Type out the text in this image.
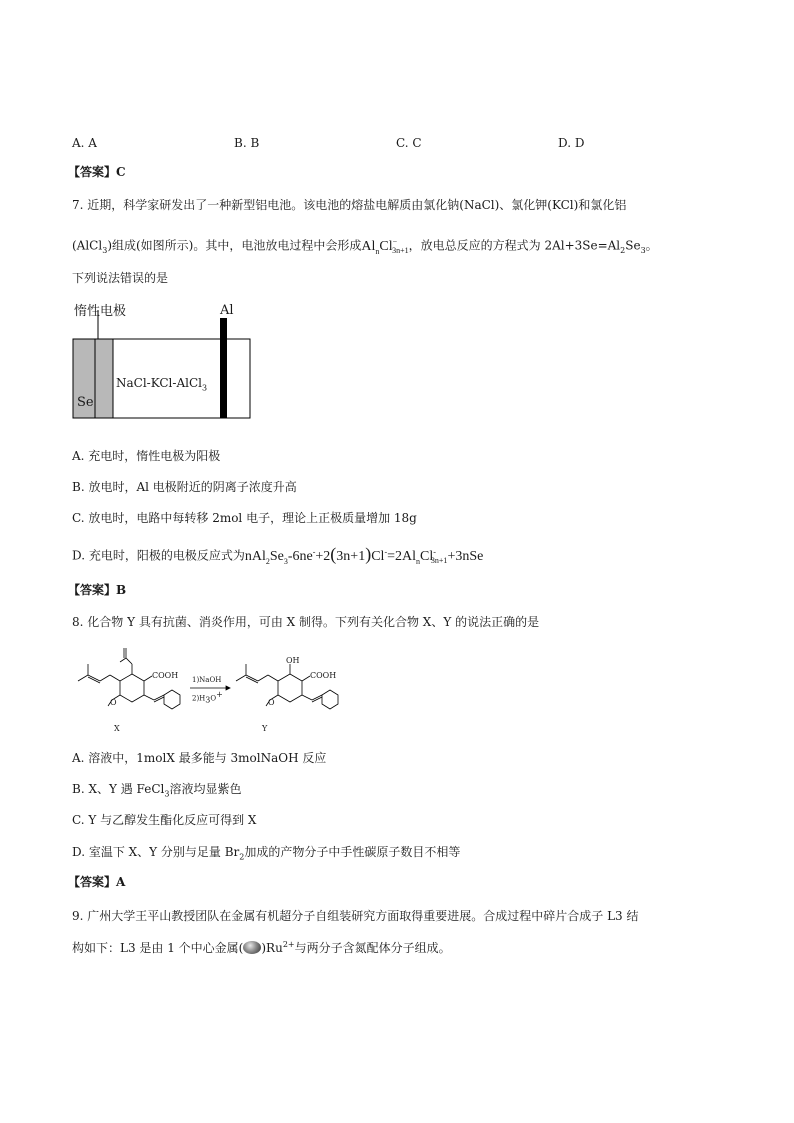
A. A	B. B	C. C	D. D
【答案】C
7. 近期，科学家研发出了一种新型铝电池。该电池的熔盐电解质由氯化钠(NaCl)、氯化钾(KCl)和氯化铝
(AlCl$_3$)组成(如图所示)。其中，电池放电过程中会形成$Al_nCl^-_{3n+1}$，放电总反应的方程式为 $2Al+3Se=Al_2Se_3$。
下列说法错误的是
惰性电极	Al
Se
NaCl-KCl-AlCl$_3$
A. 充电时，惰性电极为阳极
B. 放电时，Al 电极附近的阴离子浓度升高
C. 放电时，电路中每转移 2mol 电子，理论上正极质量增加 18g
D. 充电时，阳极的电极反应式为$nAl_2Se_3-6ne^-+2(3n+1)Cl^-=2Al_nCl^-_{3n+1}+3nSe$
【答案】B
8. 化合物 Y 具有抗菌、消炎作用，可由 X 制得。下列有关化合物 X、Y 的说法正确的是
COOH
O
1)NaOH
$2)H_3O^+$
OH
COOH
O
X	Y
A. 溶液中，1molX 最多能与 3molNaOH 反应
B. X、Y 遇 FeCl$_3$溶液均显紫色
C. Y 与乙醇发生酯化反应可得到 X
D. 室温下 X、Y 分别与足量 $Br_2$加成的产物分子中手性碳原子数目不相等
【答案】A
9. 广州大学王平山教授团队在金属有机超分子自组装研究方面取得重要进展。合成过程中碎片合成子 L3 结
构如下：L3 是由 1 个中心金属( )$Ru^{2+}$与两分子含氮配体分子组成。
